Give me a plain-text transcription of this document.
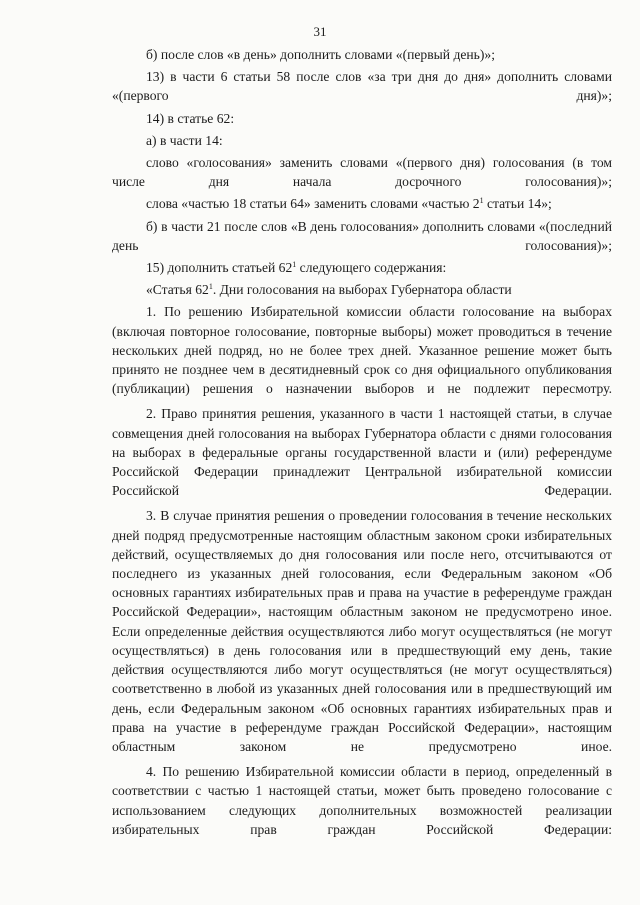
31

б) после слов «в день» дополнить словами «(первый день)»;

13) в части 6 статьи 58 после слов «за три дня до дня» дополнить словами «(первого дня)»;

14) в статье 62:

а) в части 14:

слово «голосования» заменить словами «(первого дня) голосования (в том числе дня начала досрочного голосования)»;

слова «частью 18 статьи 64» заменить словами «частью $2^1$ статьи 14»;

б) в части 21 после слов «В день голосования» дополнить словами «(последний день голосования)»;

15) дополнить статьей $62^1$ следующего содержания:

«Статья $62^1$. Дни голосования на выборах Губернатора области

1. По решению Избирательной комиссии области голосование на выборах (включая повторное голосование, повторные выборы) может проводиться в течение нескольких дней подряд, но не более трех дней. Указанное решение может быть принято не позднее чем в десятидневный срок со дня официального опубликования (публикации) решения о назначении выборов и не подлежит пересмотру.

2. Право принятия решения, указанного в части 1 настоящей статьи, в случае совмещения дней голосования на выборах Губернатора области с днями голосования на выборах в федеральные органы государственной власти и (или) референдуме Российской Федерации принадлежит Центральной избирательной комиссии Российской Федерации.

3. В случае принятия решения о проведении голосования в течение нескольких дней подряд предусмотренные настоящим областным законом сроки избирательных действий, осуществляемых до дня голосования или после него, отсчитываются от последнего из указанных дней голосования, если Федеральным законом «Об основных гарантиях избирательных прав и права на участие в референдуме граждан Российской Федерации», настоящим областным законом не предусмотрено иное. Если определенные действия осуществляются либо могут осуществляться (не могут осуществляться) в день голосования или в предшествующий ему день, такие действия осуществляются либо могут осуществляться (не могут осуществляться) соответственно в любой из указанных дней голосования или в предшествующий им день, если Федеральным законом «Об основных гарантиях избирательных прав и права на участие в референдуме граждан Российской Федерации», настоящим областным законом не предусмотрено иное.

4. По решению Избирательной комиссии области в период, определенный в соответствии с частью 1 настоящей статьи, может быть проведено голосование с использованием следующих дополнительных возможностей реализации избирательных прав граждан Российской Федерации:
